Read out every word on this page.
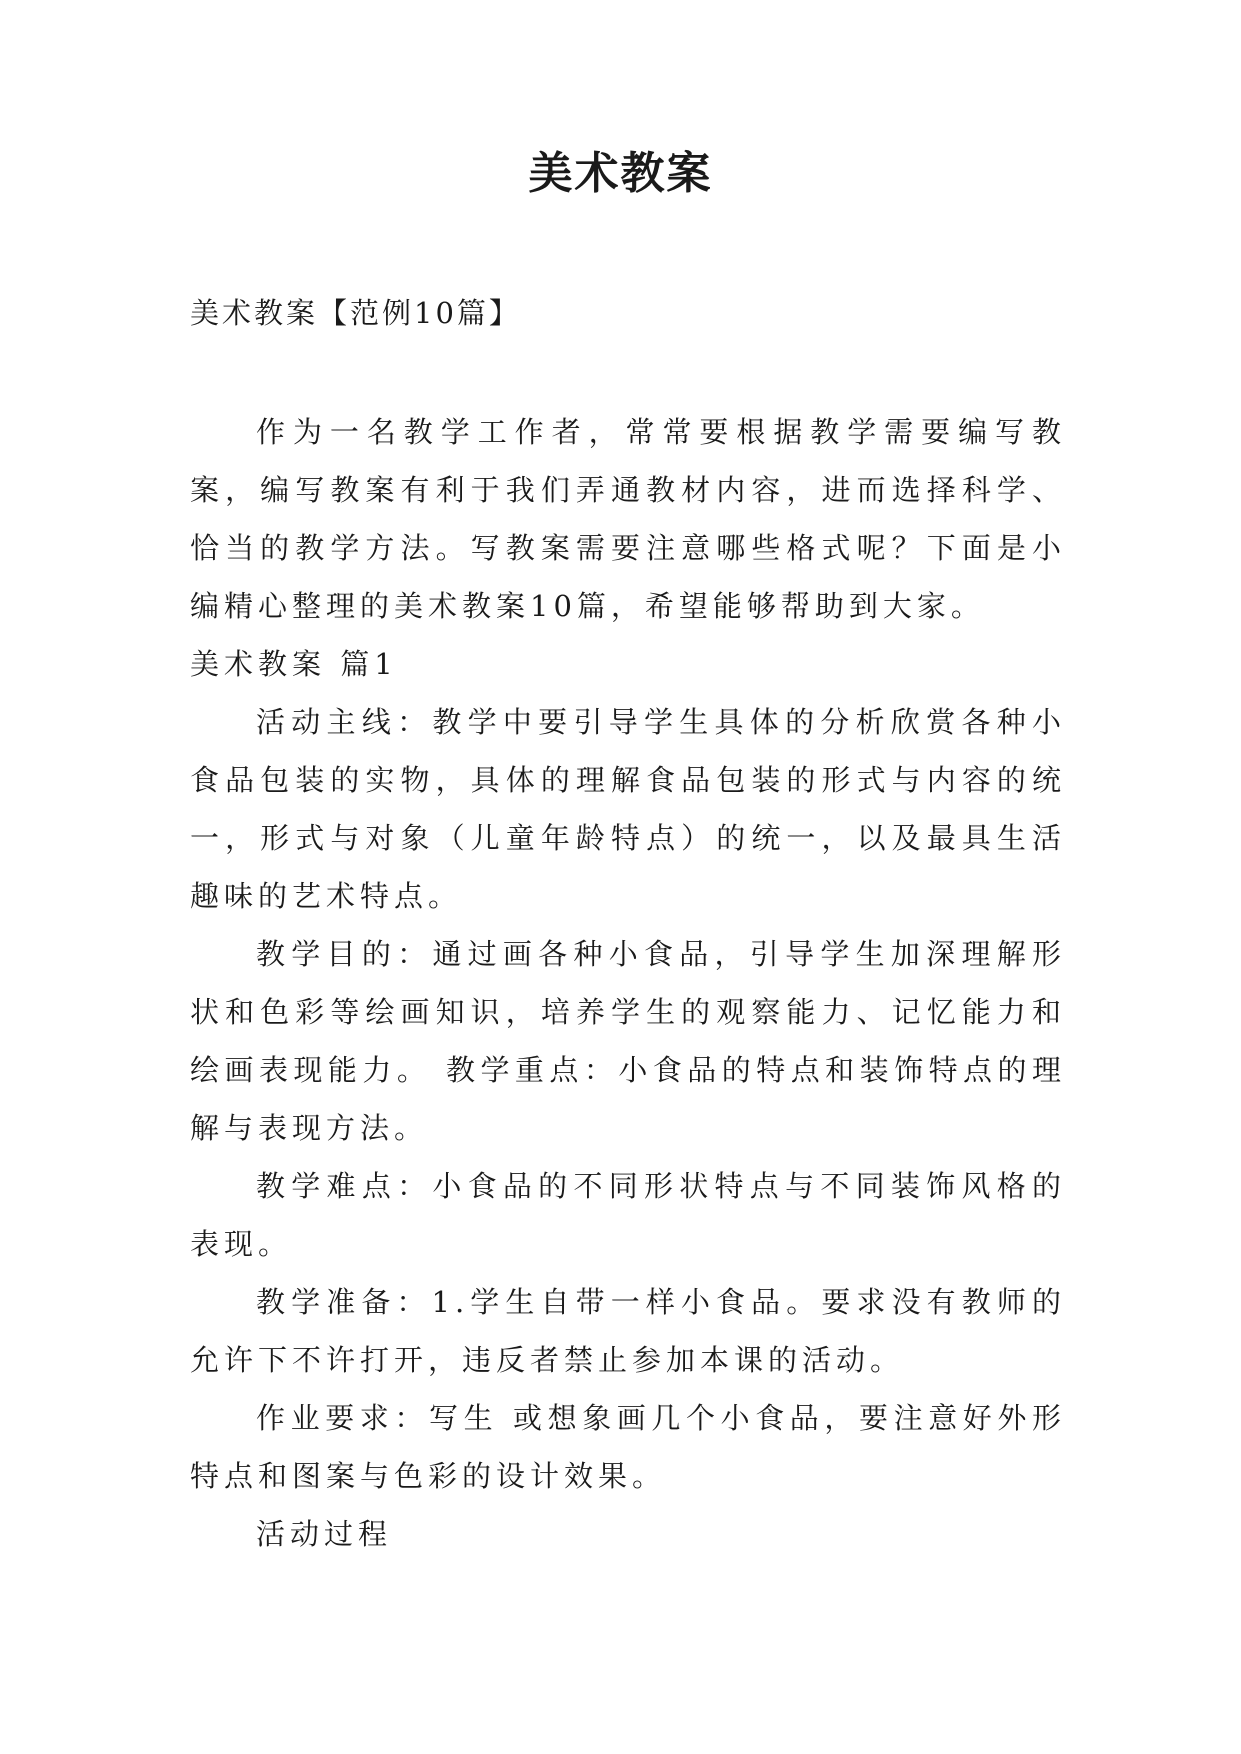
美术教案
美术教案【范例10篇】

作为一名教学工作者，常常要根据教学需要编写教案，编写教案有利于我们弄通教材内容，进而选择科学、恰当的教学方法。写教案需要注意哪些格式呢？下面是小编精心整理的美术教案10篇，希望能够帮助到大家。

美术教案 篇1

活动主线：教学中要引导学生具体的分析欣赏各种小食品包装的实物，具体的理解食品包装的形式与内容的统一，形式与对象（儿童年龄特点）的统一，以及最具生活趣味的艺术特点。

教学目的：通过画各种小食品，引导学生加深理解形状和色彩等绘画知识，培养学生的观察能力、记忆能力和绘画表现能力。 教学重点：小食品的特点和装饰特点的理解与表现方法。

教学难点：小食品的不同形状特点与不同装饰风格的表现。

教学准备：1.学生自带一样小食品。要求没有教师的允许下不许打开，违反者禁止参加本课的活动。

作业要求：写生 或想象画几个小食品，要注意好外形特点和图案与色彩的设计效果。

活动过程
